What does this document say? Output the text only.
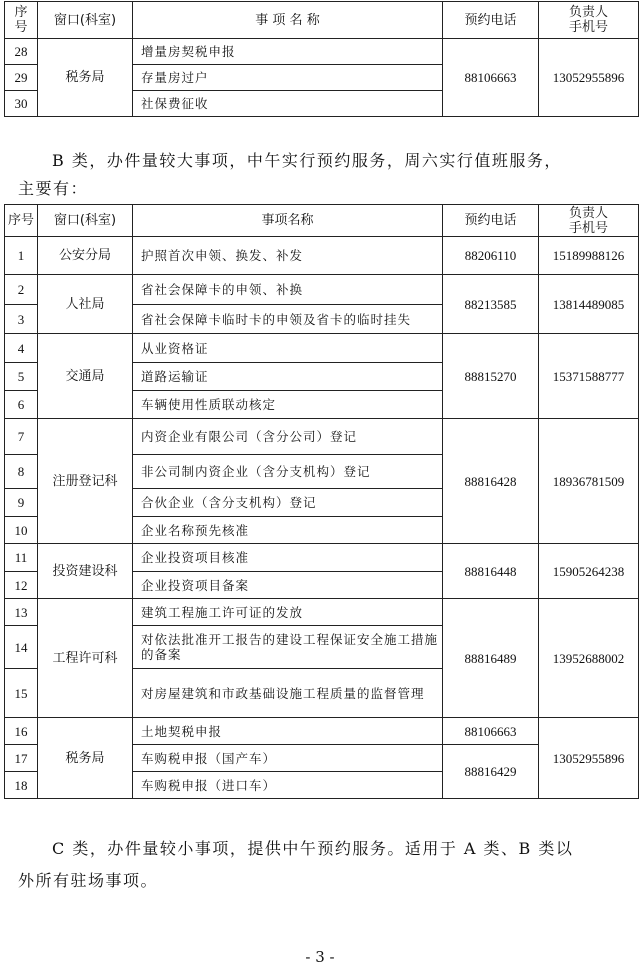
序号	窗口(科室)	事 项 名 称	预约电话	负责人
手机号
28	税务局	增量房契税申报	88106663	13052955896
29		存量房过户		
30		社保费征收		
B 类，办件量较大事项，中午实行预约服务，周六实行值班服务，
主要有：
序号	窗口(科室)	事项名称	预约电话	负责人
手机号
1	公安分局	护照首次申领、换发、补发	88206110	15189988126
2	人社局	省社会保障卡的申领、补换	88213585	13814489085
3		省社会保障卡临时卡的申领及省卡的临时挂失		
4	交通局	从业资格证	88815270	15371588777
5		道路运输证		
6		车辆使用性质联动核定		
7	注册登记科	内资企业有限公司（含分公司）登记	88816428	18936781509
8		非公司制内资企业（含分支机构）登记		
9		合伙企业（含分支机构）登记		
10		企业名称预先核准		
11	投资建设科	企业投资项目核准	88816448	15905264238
12		企业投资项目备案		
13	工程许可科	建筑工程施工许可证的发放	88816489	13952688002
14		对依法批准开工报告的建设工程保证安全施工措施的备案		
15		对房屋建筑和市政基础设施工程质量的监督管理		
16	税务局	土地契税申报	88106663	13052955896
17		车购税申报（国产车）	88816429	
18		车购税申报（进口车）		
C 类，办件量较小事项，提供中午预约服务。适用于 A 类、B 类以
外所有驻场事项。
- 3 -
